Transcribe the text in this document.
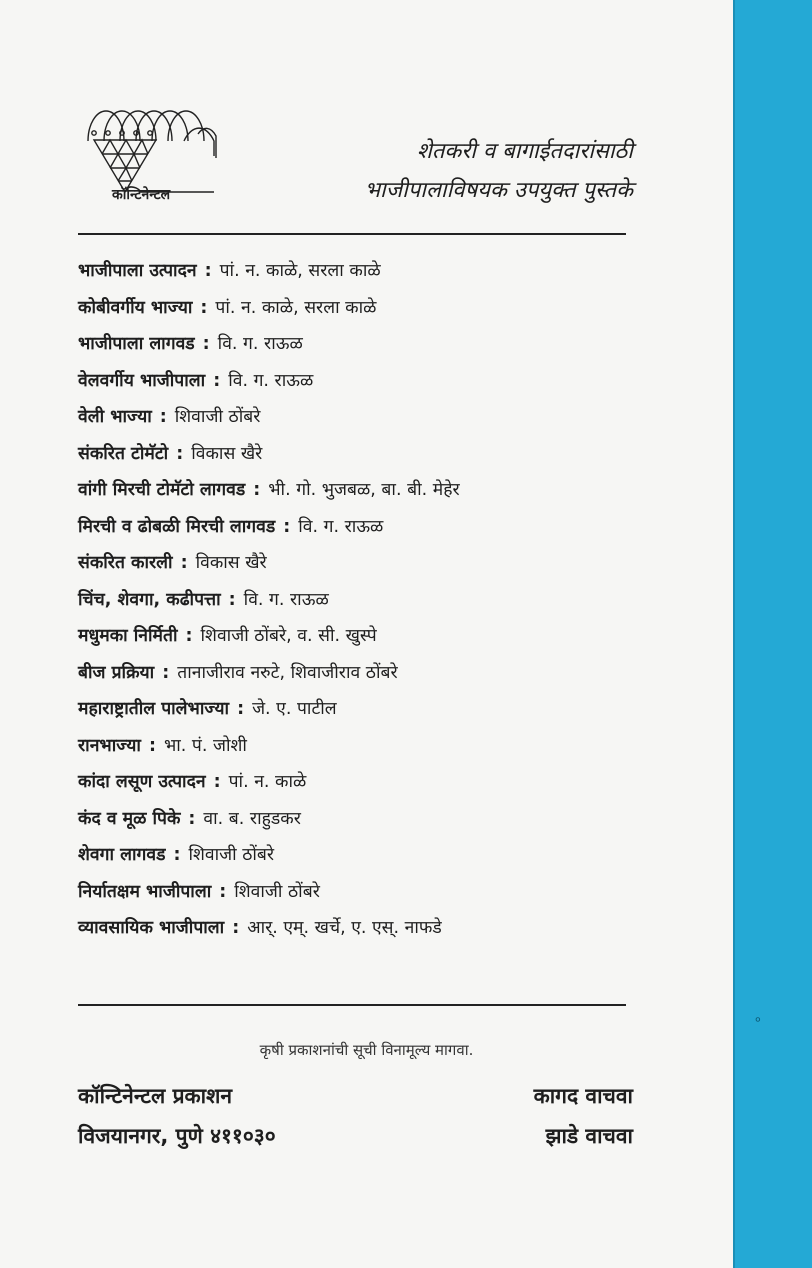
कॉन्टिनेन्टल
शेतकरी व बागाईतदारांसाठी
भाजीपालाविषयक उपयुक्त पुस्तके
भाजीपाला उत्पादन : पां. न. काळे, सरला काळे
कोबीवर्गीय भाज्या : पां. न. काळे, सरला काळे
भाजीपाला लागवड : वि. ग. राऊळ
वेलवर्गीय भाजीपाला : वि. ग. राऊळ
वेली भाज्या : शिवाजी ठोंबरे
संकरित टोमॅटो : विकास खैरे
वांगी मिरची टोमॅटो लागवड : भी. गो. भुजबळ, बा. बी. मेहेर
मिरची व ढोबळी मिरची लागवड : वि. ग. राऊळ
संकरित कारली : विकास खैरे
चिंच, शेवगा, कढीपत्ता : वि. ग. राऊळ
मधुमका निर्मिती : शिवाजी ठोंबरे, व. सी. खुस्पे
बीज प्रक्रिया : तानाजीराव नरुटे, शिवाजीराव ठोंबरे
महाराष्ट्रातील पालेभाज्या : जे. ए. पाटील
रानभाज्या : भा. पं. जोशी
कांदा लसूण उत्पादन : पां. न. काळे
कंद व मूळ पिके : वा. ब. राहुडकर
शेवगा लागवड : शिवाजी ठोंबरे
निर्यातक्षम भाजीपाला : शिवाजी ठोंबरे
व्यावसायिक भाजीपाला : आर्. एम्. खर्चे, ए. एस्. नाफडे
कृषी प्रकाशनांची सूची विनामूल्य मागवा.
कॉन्टिनेन्टल प्रकाशन
विजयानगर, पुणे ४११०३०
कागद वाचवा
झाडे वाचवा
०
